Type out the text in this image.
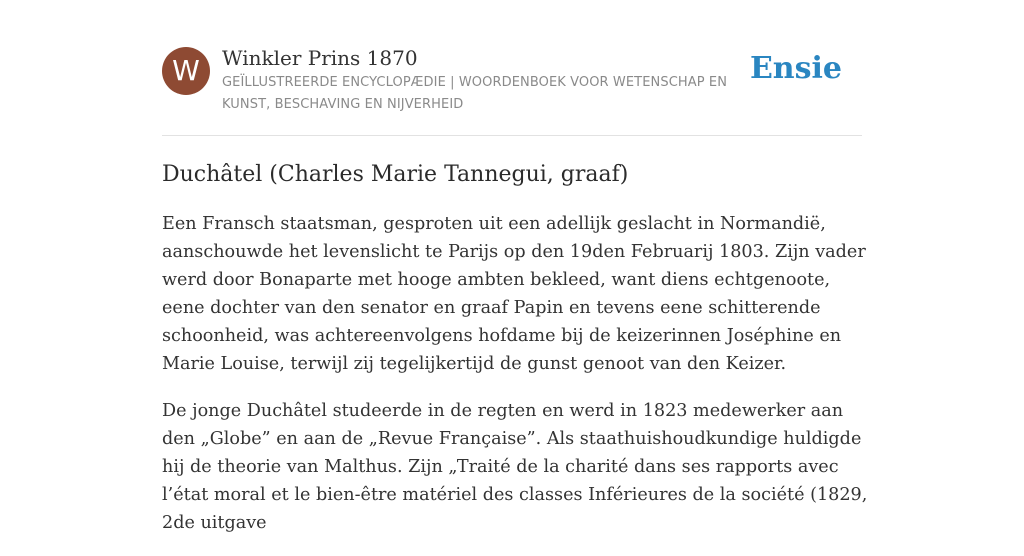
W	Winkler Prins 1870
GEÏLLUSTREERDE ENCYCLOPÆDIE | WOORDENBOEK VOOR WETENSCHAP EN KUNST, BESCHAVING EN NIJVERHEID
Ensie
Duchâtel (Charles Marie Tannegui, graaf)

Een Fransch staatsman, gesproten uit een adellijk geslacht in Normandië, aanschouwde het levenslicht te Parijs op den 19den Februarij 1803. Zijn vader werd door Bonaparte met hooge ambten bekleed, want diens echtgenoote, eene dochter van den senator en graaf Papin en tevens eene schitterende schoonheid, was achtereenvolgens hofdame bij de keizerinnen Joséphine en Marie Louise, terwijl zij tegelijkertijd de gunst genoot van den Keizer.

De jonge Duchâtel studeerde in de regten en werd in 1823 medewerker aan den „Globe” en aan de „Revue Française”. Als staathuishoudkundige huldigde hij de theorie van Malthus. Zijn „Traité de la charité dans ses rapports avec l’état moral et le bien-être matériel des classes Inférieures de la société (1829, 2de uitgave
